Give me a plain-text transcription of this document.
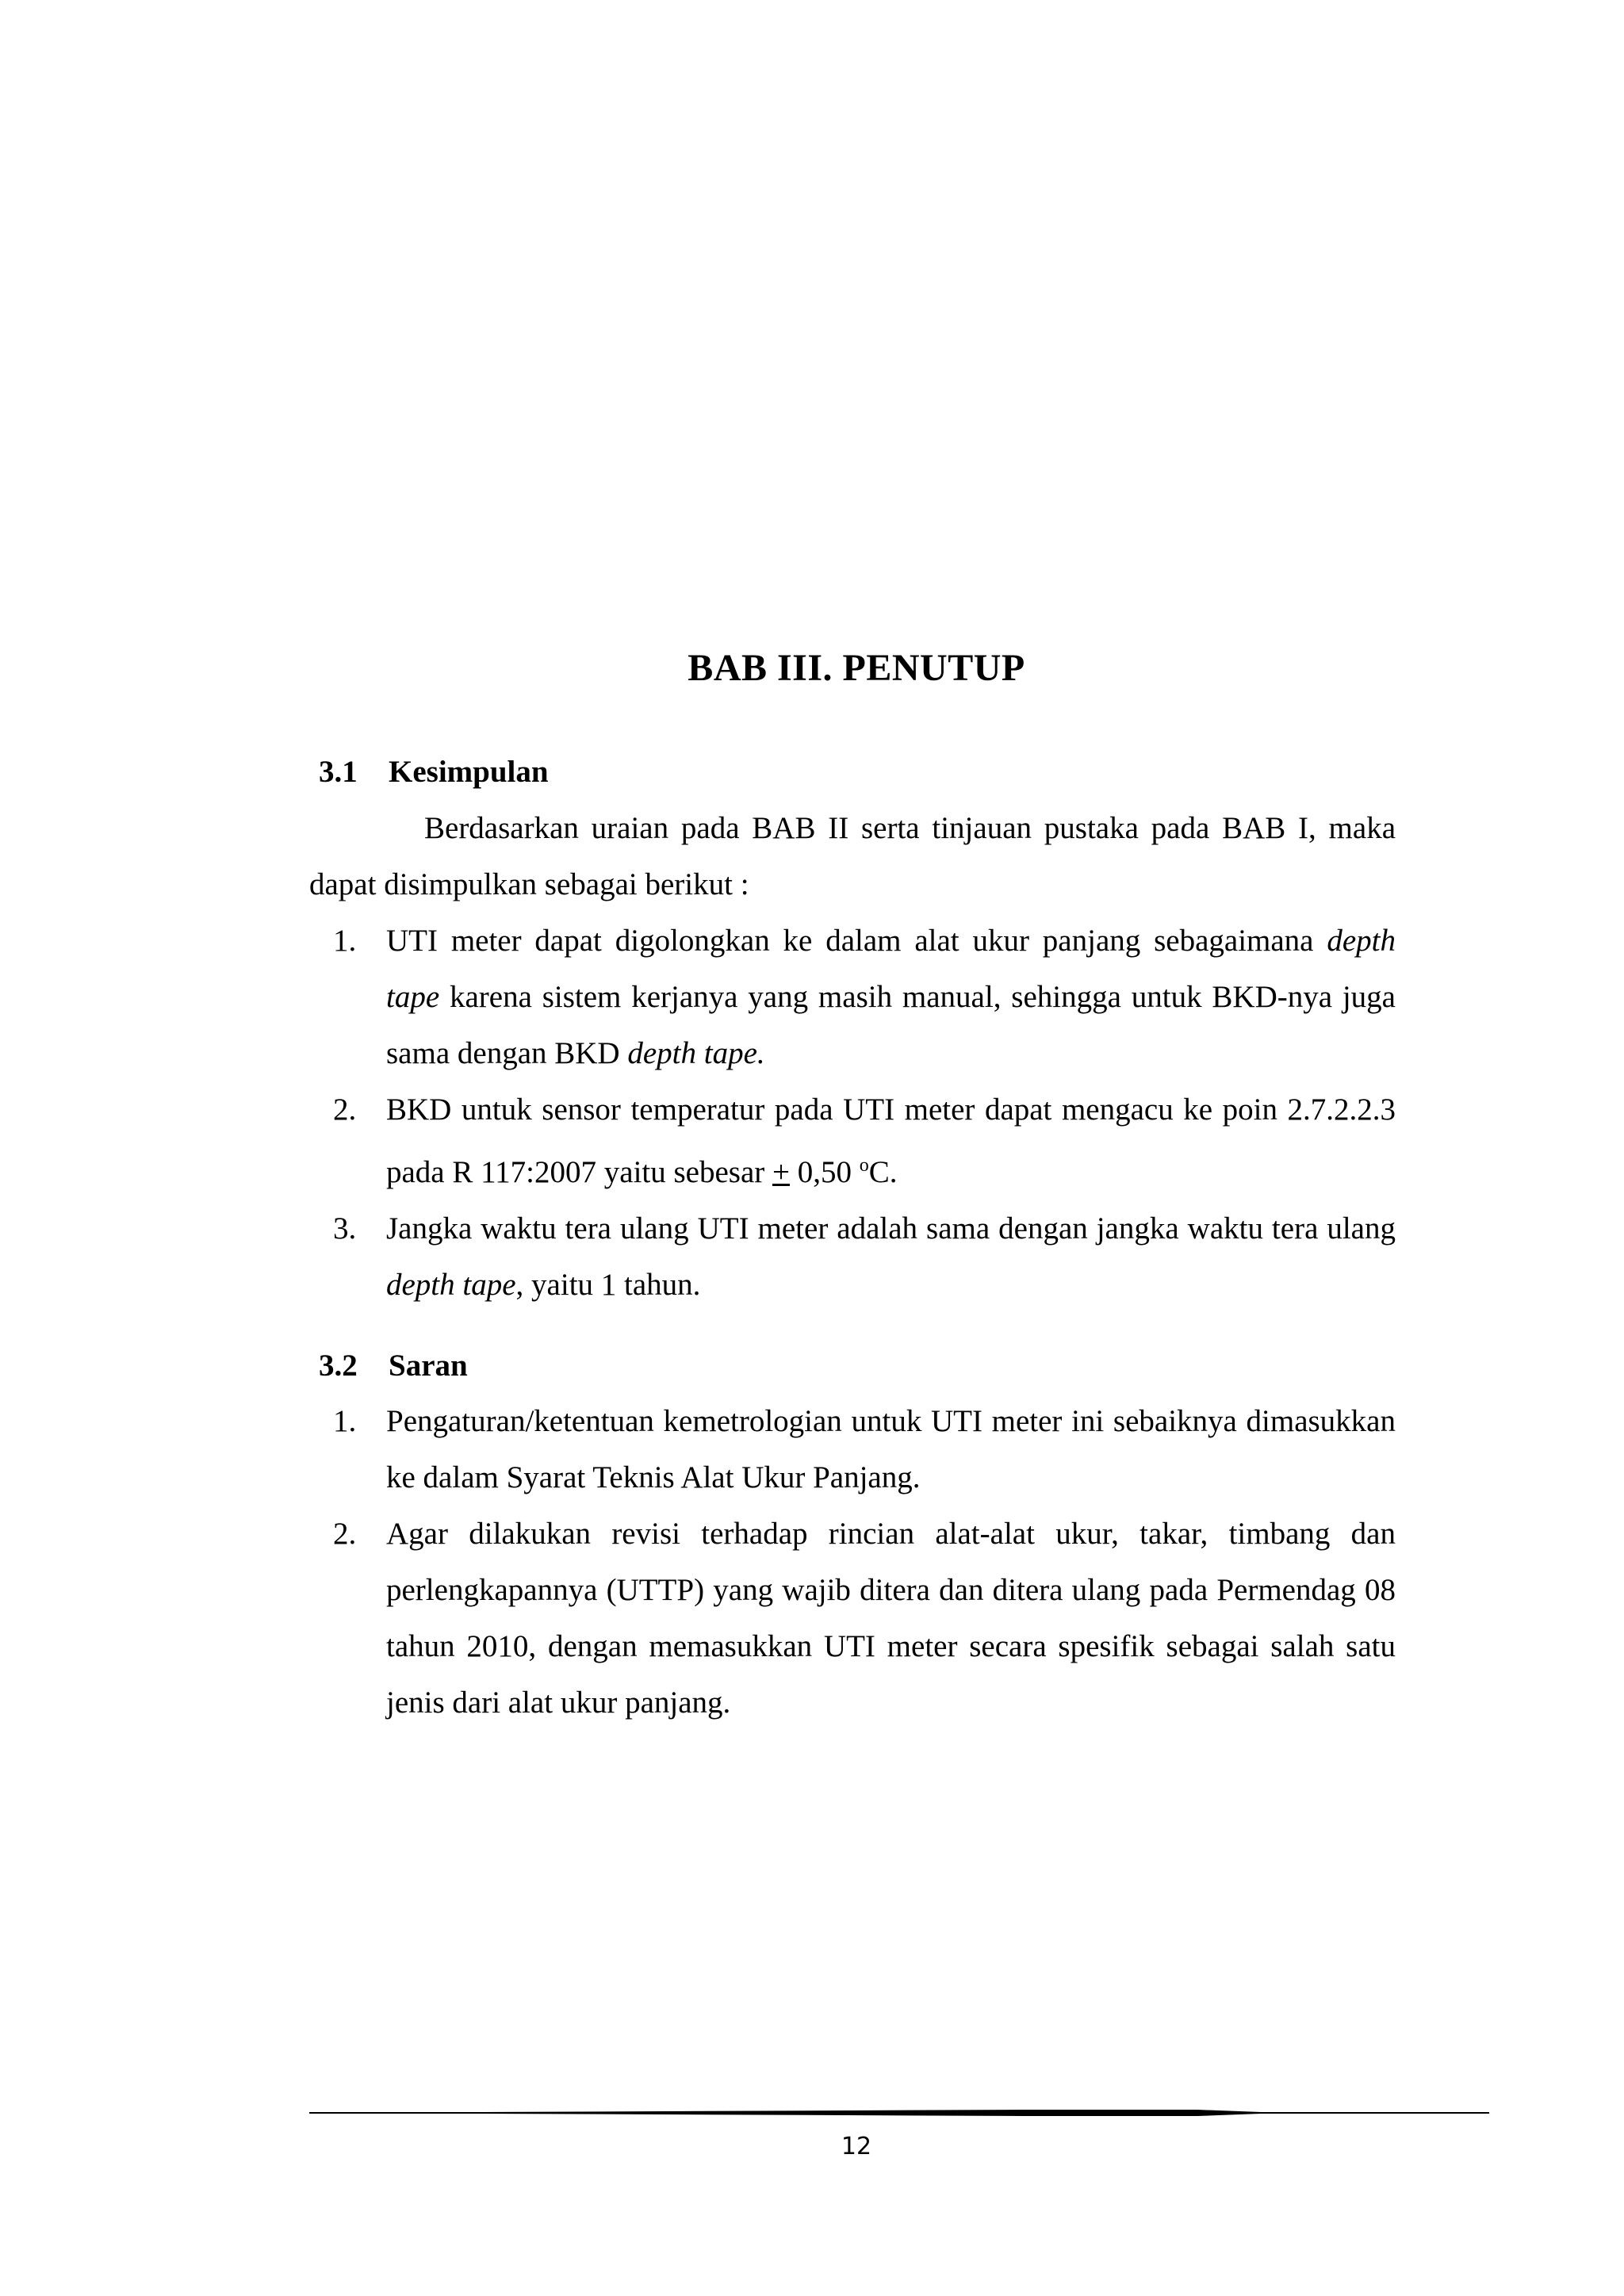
BAB III. PENUTUP
3.1 Kesimpulan

Berdasarkan uraian pada BAB II serta tinjauan pustaka pada BAB I, maka dapat disimpulkan sebagai berikut :

1. UTI meter dapat digolongkan ke dalam alat ukur panjang sebagaimana depth tape karena sistem kerjanya yang masih manual, sehingga untuk BKD-nya juga sama dengan BKD depth tape.
2. BKD untuk sensor temperatur pada UTI meter dapat mengacu ke poin 2.7.2.2.3 pada R 117:2007 yaitu sebesar + 0,50 $^o$C.
3. Jangka waktu tera ulang UTI meter adalah sama dengan jangka waktu tera ulang depth tape, yaitu 1 tahun.
3.2 Saran
1. Pengaturan/ketentuan kemetrologian untuk UTI meter ini sebaiknya dimasukkan ke dalam Syarat Teknis Alat Ukur Panjang.
2. Agar dilakukan revisi terhadap rincian alat-alat ukur, takar, timbang dan perlengkapannya (UTTP) yang wajib ditera dan ditera ulang pada Permendag 08 tahun 2010, dengan memasukkan UTI meter secara spesifik sebagai salah satu jenis dari alat ukur panjang.

12
